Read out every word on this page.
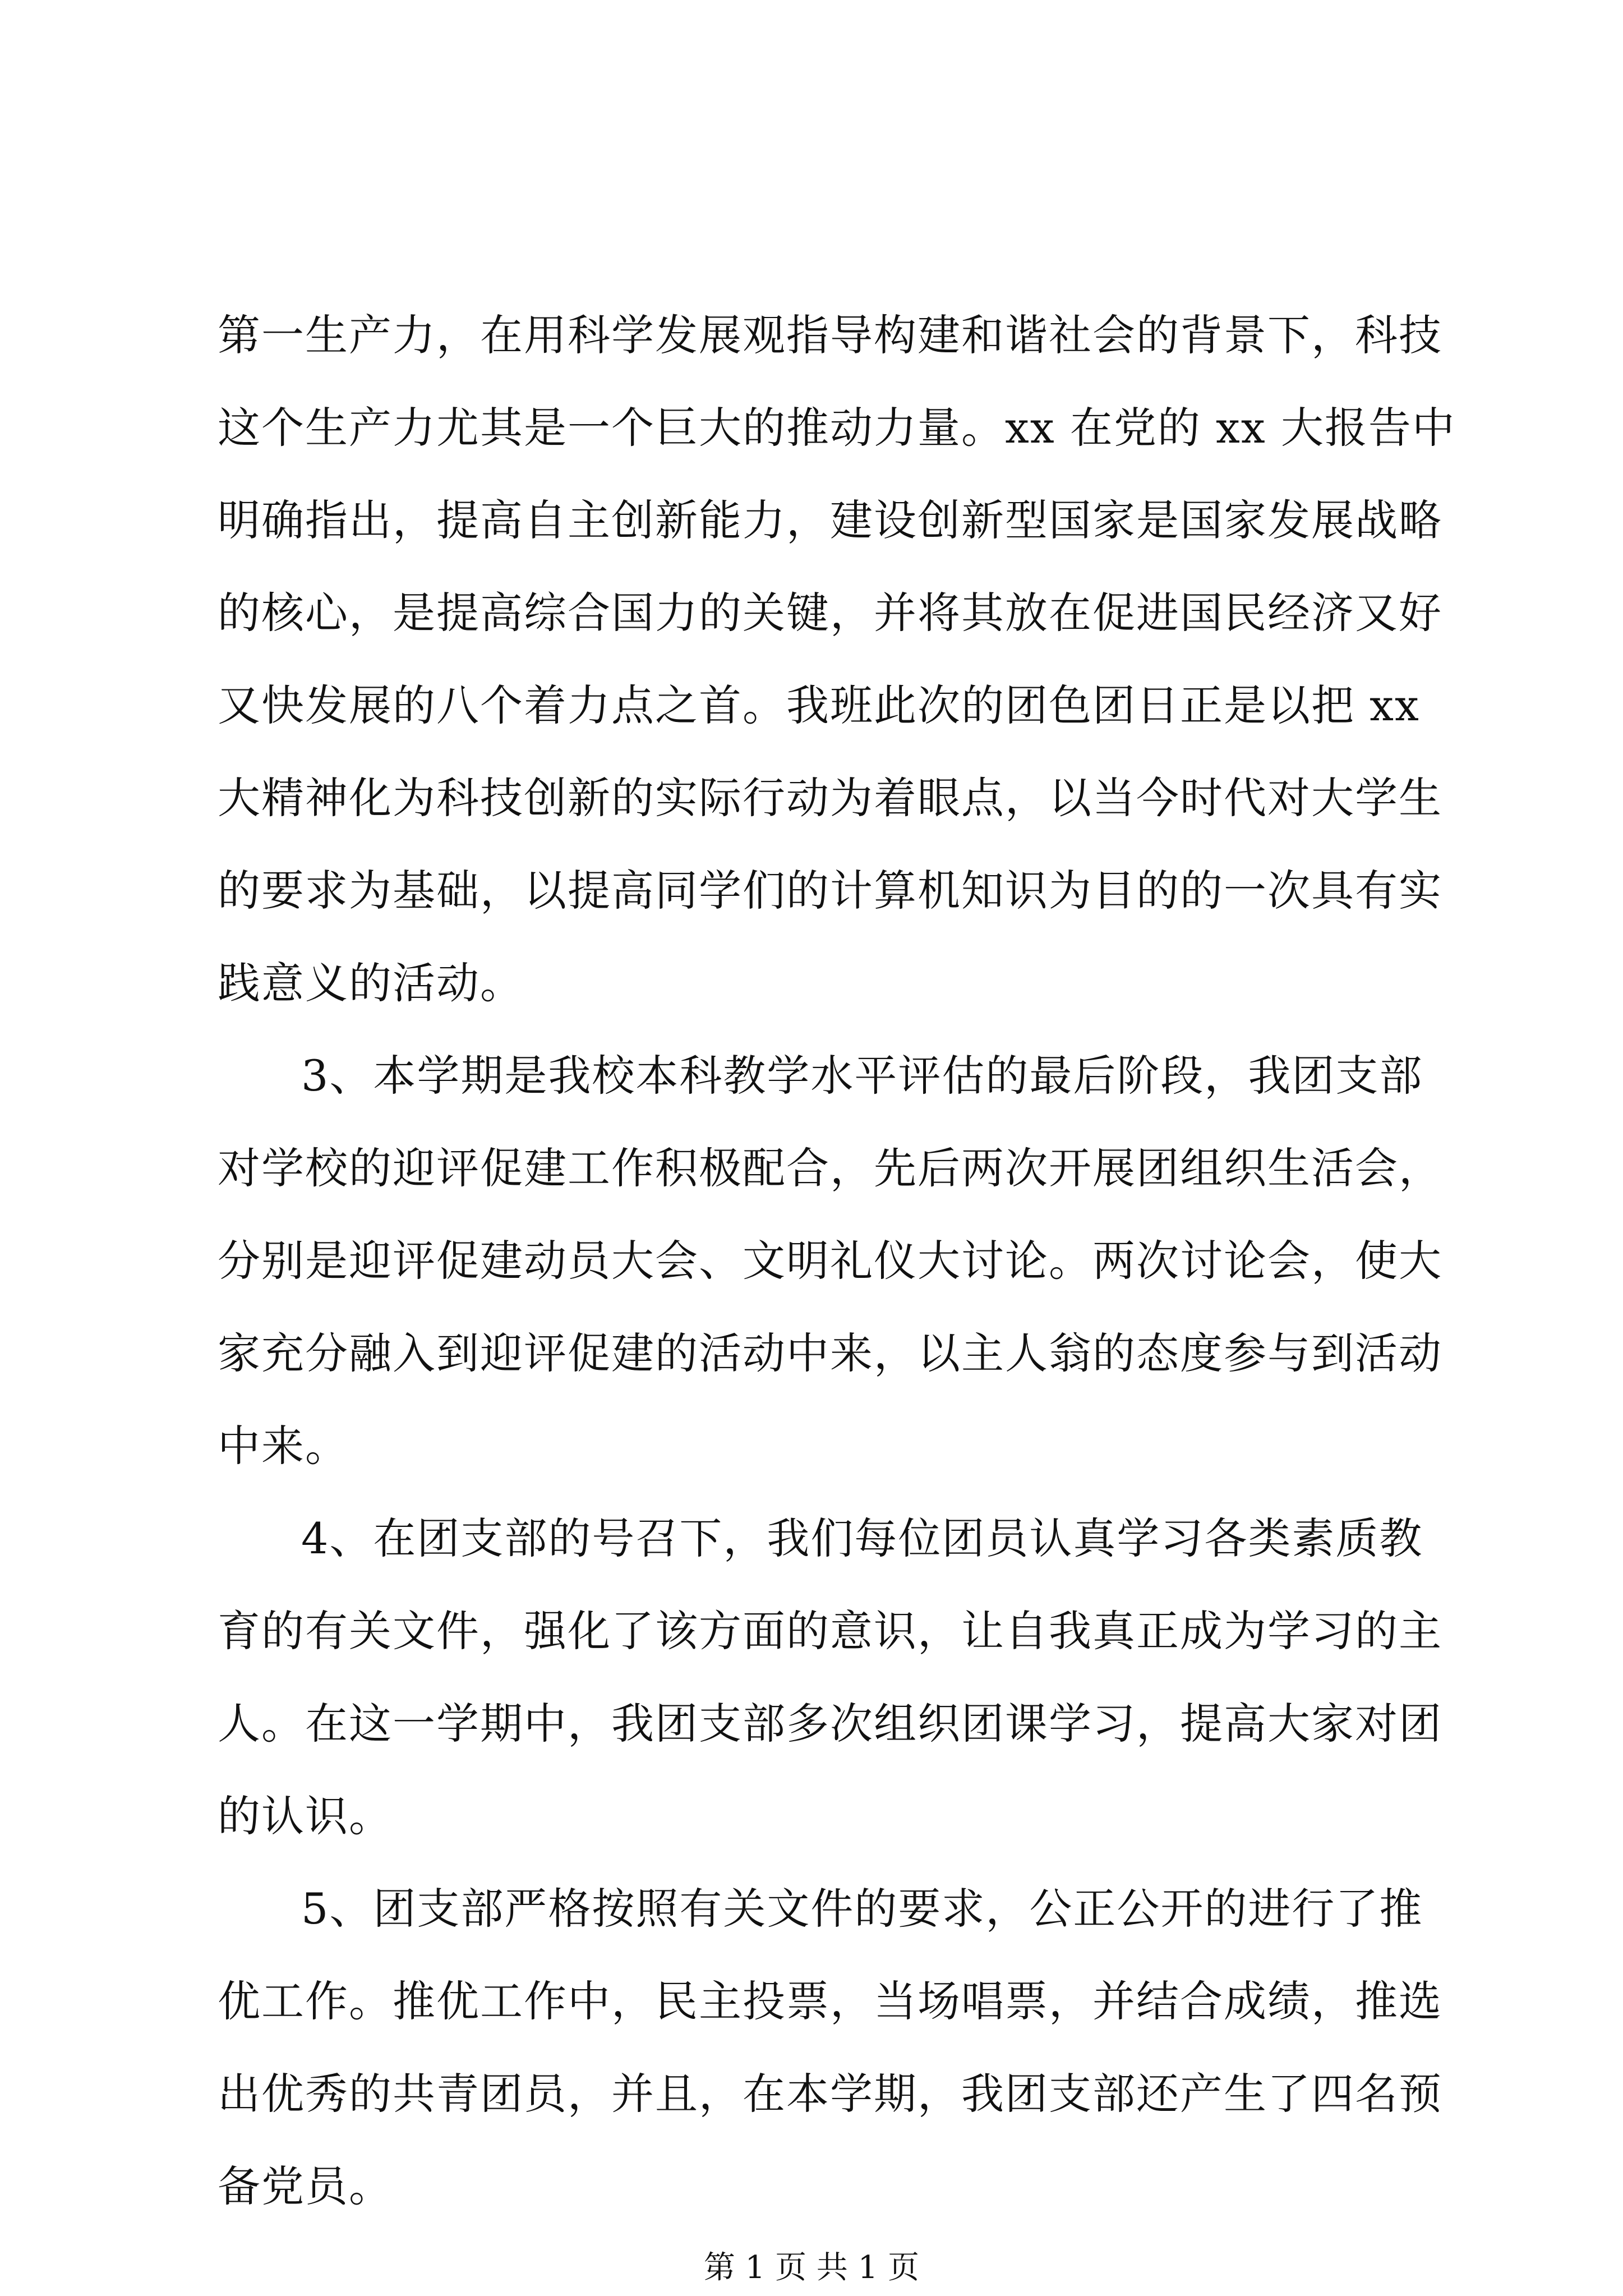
第一生产力，在用科学发展观指导构建和谐社会的背景下，科技
这个生产力尤其是一个巨大的推动力量。xx 在党的 xx 大报告中
明确指出，提高自主创新能力，建设创新型国家是国家发展战略
的核心，是提高综合国力的关键，并将其放在促进国民经济又好
又快发展的八个着力点之首。我班此次的团色团日正是以把 xx
大精神化为科技创新的实际行动为着眼点，以当今时代对大学生
的要求为基础，以提高同学们的计算机知识为目的的一次具有实
践意义的活动。
3、本学期是我校本科教学水平评估的最后阶段，我团支部
对学校的迎评促建工作积极配合，先后两次开展团组织生活会，
分别是迎评促建动员大会、文明礼仪大讨论。两次讨论会，使大
家充分融入到迎评促建的活动中来，以主人翁的态度参与到活动
中来。
4、在团支部的号召下，我们每位团员认真学习各类素质教
育的有关文件，强化了该方面的意识，让自我真正成为学习的主
人。在这一学期中，我团支部多次组织团课学习，提高大家对团
的认识。
5、团支部严格按照有关文件的要求，公正公开的进行了推
优工作。推优工作中，民主投票，当场唱票，并结合成绩，推选
出优秀的共青团员，并且，在本学期，我团支部还产生了四名预
备党员。
第 1 页 共 1 页
